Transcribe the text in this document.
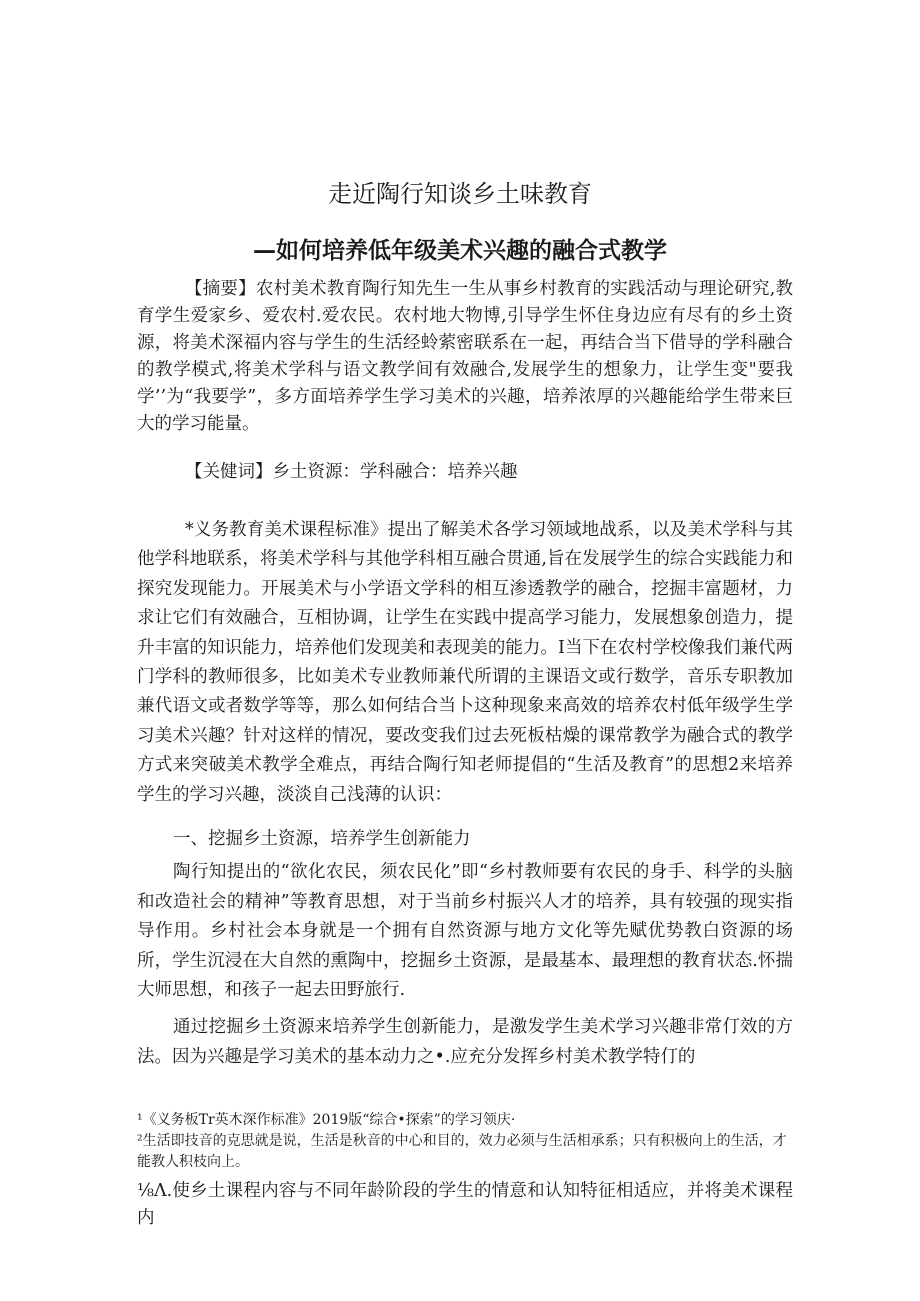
走近陶行知谈乡土味教育
—如何培养低年级美术兴趣的融合式教学

【摘要】农村美术教育陶行知先生一生从事乡村教育的实践活动与理论研究,教育学生爱家乡、爱农村.爱农民。农村地大物博,引导学生怀住身边应有尽有的乡土资源，将美术深福内容与学生的生活经蛉萦密联系在一起，再结合当下借导的学科融合的教学模式,将美术学科与语文教学间有效融合,发展学生的想象力，让学生变"要我学’’为“我要学”，多方面培养学生学习美术的兴趣，培养浓厚的兴趣能给学生带来巨大的学习能量。

【关健词】乡土资源：学科融合：培养兴趣

*义务教育美术课程标准》提出了解美术各学习领域地战系，以及美术学科与其他学科地联系，将美术学科与其他学科相互融合贯通,旨在发展学生的综合实践能力和探究发现能力。开展美术与小学语文学科的相互渗透教学的融合，挖掘丰富题材，力求让它们有效融合，互相协调，让学生在实践中提高学习能力，发展想象创造力，提升丰富的知识能力，培养他们发现美和表现美的能力。I当下在农村学校像我们兼代两门学科的教师很多，比如美术专业教师兼代所谓的主课语文或行数学，音乐专职教加兼代语文或者数学等等，那么如何结合当卜这种现象来高效的培养农村低年级学生学习美术兴趣？针对这样的情况，要改变我们过去死板枯燥的课常教学为融合式的教学方式来突破美术教学全难点，再结合陶行知老师提倡的“生活及教育”的思想2来培养学生的学习兴趣，淡淡自己浅薄的认识：

一、挖掘乡土资源，培养学生创新能力

陶行知提出的“欲化农民，须农民化”即“乡村教师要有农民的身手、科学的头脑和改造社会的精神”等教育思想，对于当前乡村振兴人才的培养，具有较强的现实指导作用。乡村社会本身就是一个拥有自然资源与地方文化等先赋优势教白资源的场所，学生沉浸在大自然的熏陶中，挖掘乡土资源，是最基本、最理想的教育状态.怀揣大师思想，和孩子一起去田野旅行.

通过挖掘乡土资源来培养学生创新能力，是激发学生美术学习兴趣非常仃效的方法。因为兴趣是学习美术的基本动力之•.应充分发挥乡村美术教学特仃的

¹《义务板Tr英木深作标准》2019版“综合•探索”的学习领庆·

²生活即技音的克思就是说，生活是秋音的中心和目的，效力必须与生活相承系；只有积极向上的生活，才能教人积枝向上。

⅛Λ.使乡土课程内容与不同年龄阶段的学生的情意和认知特征相适应，并将美术课程内
